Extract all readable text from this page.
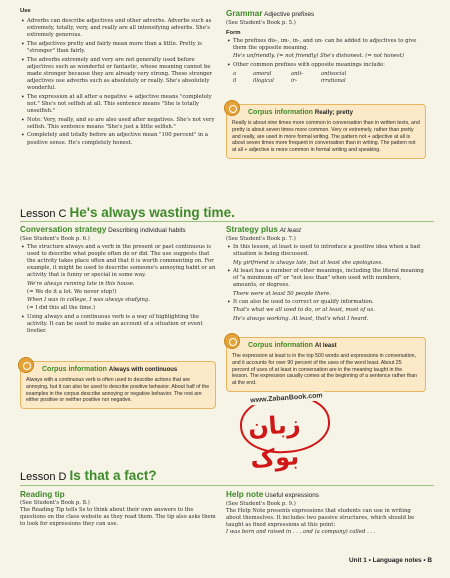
Use
• Adverbs can describe adjectives and other adverbs. Adverbs such as extremely, totally, very, and really are all intensifying adverbs. She's extremely generous.
• The adjectives pretty and fairly mean more than a little. Pretty is "stronger" than fairly.
• The adverbs extremely and very are not generally used before adjectives such as wonderful or fantastic, whose meaning cannot be made stronger because they are already very strong. These stronger adjectives use adverbs such as absolutely or really. She's absolutely wonderful.
• The expression at all after a negative + adjective means "completely not." She's not selfish at all. This sentence means "She is totally unselfish."
• Note: Very, really, and so are also used after negatives. She's not very selfish. This sentence means "She's just a little selfish."
• Completely and totally before an adjective mean "100 percent" in a positive sense. He's completely honest.
Grammar Adjective prefixes
(See Student's Book p. 5.)
Form
• The prefixes dis-, im-, in-, and un- can be added to adjectives to give them the opposite meaning.
He's unfriendly. (= not friendly) She's dishonest. (= not honest)
• Other common prefixes with opposite meanings include:
a	amoral	anti-	antisocial
il	illogical	ir-	irrational
Corpus information Really; pretty
Really is about nine times more common in conversation than in written texts, and pretty is about seven times more common. Very or extremely, rather than pretty and really, are used in more formal writing. The pattern not + adjective at all is about seven times more frequent in conversation than in writing. The pattern not at all + adjective is more common in formal writing and speaking.
Lesson C He's always wasting time.
Conversation strategy Describing individual habits
(See Student's Book p. 6.)
• The structure always and a verb in the present or past continuous is used to describe what people often do or did. The use suggests that the activity takes place often and that it is worth commenting on. For example, it might be used to describe someone's annoying habit or an activity that is funny or special in some way.
We're always running late in this house.
(= We do it a lot. We never stop!)
When I was in college, I was always studying.
(= I did this all the time.)
• Using always and a continuous verb is a way of highlighting the activity. It can be used to make an account of a situation or event livelier.
Corpus information Always with continuous
Always with a continuous verb is often used to describe actions that are annoying, but it can also be used to describe positive behavior. About half of the examples in the corpus describe annoying or negative behavior. The rest are either positive or neither positive nor negative.
Strategy plus At least
(See Student's Book p. 7.)
• In this lesson, at least is used to introduce a positive idea when a bad situation is being discussed.
My girlfriend is always late, but at least she apologizes.
• At least has a number of other meanings, including the literal meaning of "a minimum of" or "not less than" when used with numbers, amounts, or degrees.
There were at least 50 people there.
• It can also be used to correct or qualify information.
That's what we all used to do, or at least, most of us.
He's always working. At least, that's what I heard.
Corpus information At least
The expression at least is in the top 500 words and expressions in conversation, and it accounts for over 90 percent of the uses of the word least. About 25 percent of uses of at least in conversation are in the meaning taught in the lesson. The expression usually comes at the beginning of a sentence rather than at the end.
www.ZabanBook.com
زبان بوک
Lesson D Is that a fact?
Reading tip
(See Student's Book p. 8.)
The Reading Tip tells Ss to think about their own answers to the questions on the class website as they read them. The tip also asks them to look for expressions they can use.
Help note Useful expressions
(See Student's Book p. 9.)
The Help Note presents expressions that students can use in writing about themselves. It includes two passive structures, which should be taught as fixed expressions at this point:
I was born and raised in . . . and (a company) called . . .
Unit 1 • Language notes • B
